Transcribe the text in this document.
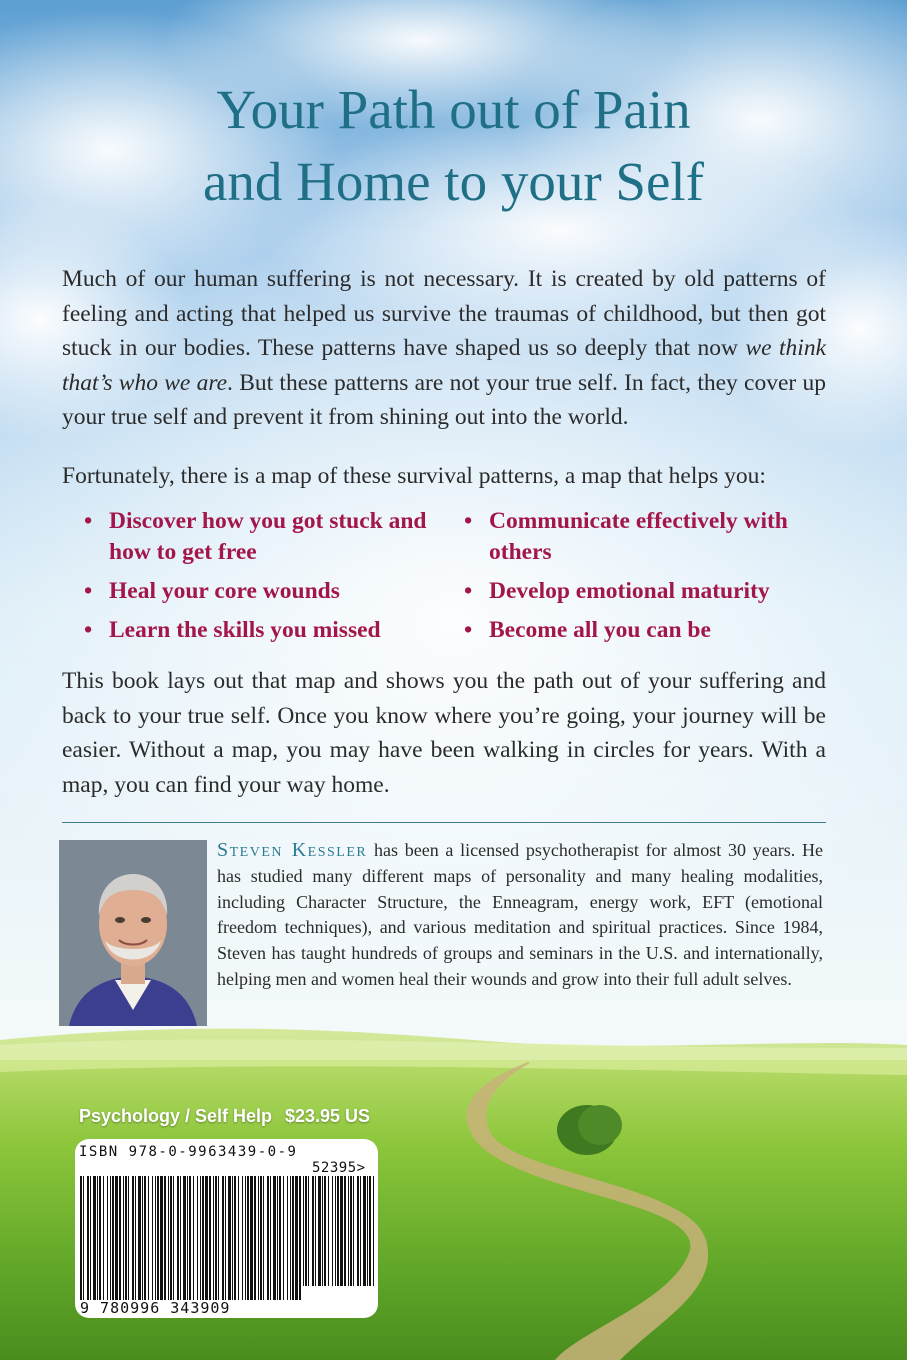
Your Path out of Pain
and Home to your Self
Much of our human suffering is not necessary. It is created by old patterns of feeling and acting that helped us survive the traumas of childhood, but then got stuck in our bodies. These patterns have shaped us so deeply that now we think that’s who we are. But these patterns are not your true self. In fact, they cover up your true self and prevent it from shining out into the world.
Fortunately, there is a map of these survival patterns, a map that helps you:
• Discover how you got stuck and how to get free
• Communicate effectively with others
• Heal your core wounds	• Develop emotional maturity
• Learn the skills you missed	• Become all you can be
This book lays out that map and shows you the path out of your suffering and back to your true self. Once you know where you’re going, your journey will be easier. Without a map, you may have been walking in circles for years. With a map, you can find your way home.
Steven Kessler has been a licensed psychotherapist for almost 30 years. He has studied many different maps of personality and many healing modalities, including Character Structure, the Enneagram, energy work, EFT (emotional freedom techniques), and various meditation and spiritual practices. Since 1984, Steven has taught hundreds of groups and seminars in the U.S. and internationally, helping men and women heal their wounds and grow into their full adult selves.
Psychology / Self Help $23.95 US
ISBN 978-0-9963439-0-9
52395>
9 780996 343909
